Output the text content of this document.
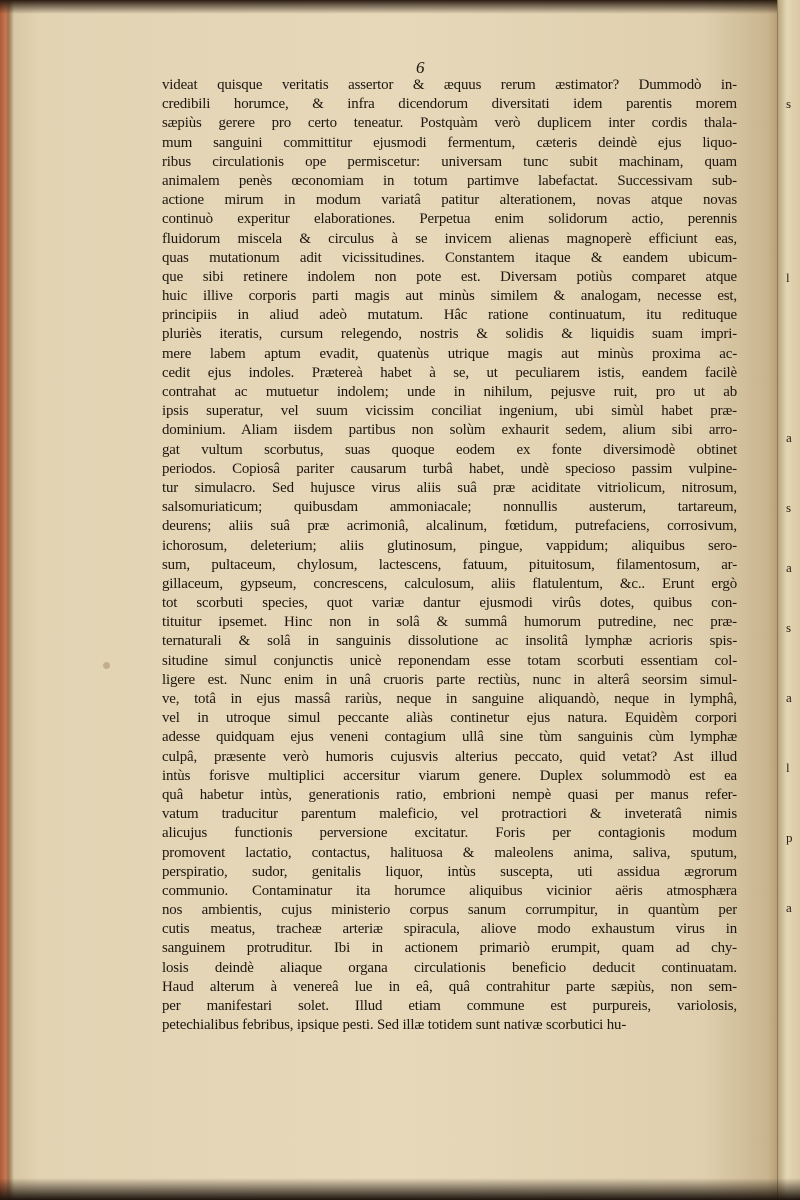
s
l
a
s
a
s
a
l
p
a
6
videat quisque veritatis assertor & æquus rerum æstimator? Dummodò in-
credibili horumce, & infra dicendorum diversitati idem parentis morem
sæpiùs gerere pro certo teneatur. Postquàm verò duplicem inter cordis thala-
mum sanguini committitur ejusmodi fermentum, cæteris deindè ejus liquo-
ribus circulationis ope permiscetur: universam tunc subit machinam, quam
animalem penès œconomiam in totum partimve labefactat. Successivam sub-
actione mirum in modum variatâ patitur alterationem, novas atque novas
continuò experitur elaborationes. Perpetua enim solidorum actio, perennis
fluidorum miscela & circulus à se invicem alienas magnoperè efficiunt eas,
quas mutationum adit vicissitudines. Constantem itaque & eandem ubicum-
que sibi retinere indolem non pote est. Diversam potiùs comparet atque
huic illive corporis parti magis aut minùs similem & analogam, necesse est,
principiis in aliud adeò mutatum. Hâc ratione continuatum, itu redituque
pluriès iteratis, cursum relegendo, nostris & solidis & liquidis suam impri-
mere labem aptum evadit, quatenùs utrique magis aut minùs proxima ac-
cedit ejus indoles. Prætereà habet à se, ut peculiarem istis, eandem facilè
contrahat ac mutuetur indolem; unde in nihilum, pejusve ruit, pro ut ab
ipsis superatur, vel suum vicissim conciliat ingenium, ubi simùl habet præ-
dominium. Aliam iisdem partibus non solùm exhaurit sedem, alium sibi arro-
gat vultum scorbutus, suas quoque eodem ex fonte diversimodè obtinet
periodos. Copiosâ pariter causarum turbâ habet, undè specioso passim vulpine-
tur simulacro. Sed hujusce virus aliis suâ præ aciditate vitriolicum, nitrosum,
salsomuriaticum; quibusdam ammoniacale; nonnullis austerum, tartareum,
deurens; aliis suâ præ acrimoniâ, alcalinum, fœtidum, putrefaciens, corrosivum,
ichorosum, deleterium; aliis glutinosum, pingue, vappidum; aliquibus sero-
sum, pultaceum, chylosum, lactescens, fatuum, pituitosum, filamentosum, ar-
gillaceum, gypseum, concrescens, calculosum, aliis flatulentum, &c.. Erunt ergò
tot scorbuti species, quot variæ dantur ejusmodi virûs dotes, quibus con-
tituitur ipsemet. Hinc non in solâ & summâ humorum putredine, nec præ-
ternaturali & solâ in sanguinis dissolutione ac insolitâ lymphæ acrioris spis-
situdine simul conjunctis unicè reponendam esse totam scorbuti essentiam col-
ligere est. Nunc enim in unâ cruoris parte rectiùs, nunc in alterâ seorsim simul-
ve, totâ in ejus massâ rariùs, neque in sanguine aliquandò, neque in lymphâ,
vel in utroque simul peccante aliàs continetur ejus natura. Equidèm corpori
adesse quidquam ejus veneni contagium ullâ sine tùm sanguinis cùm lymphæ
culpâ, præsente verò humoris cujusvis alterius peccato, quid vetat? Ast illud
intùs forisve multiplici accersitur viarum genere. Duplex solummodò est ea
quâ habetur intùs, generationis ratio, embrioni nempè quasi per manus refer-
vatum traducitur parentum maleficio, vel protractiori & inveteratâ nimis
alicujus functionis perversione excitatur. Foris per contagionis modum
promovent lactatio, contactus, halituosa & maleolens anima, saliva, sputum,
perspiratio, sudor, genitalis liquor, intùs suscepta, uti assidua ægrorum
communio. Contaminatur ita horumce aliquibus vicinior aëris atmosphæra
nos ambientis, cujus ministerio corpus sanum corrumpitur, in quantùm per
cutis meatus, tracheæ arteriæ spiracula, aliove modo exhaustum virus in
sanguinem protruditur. Ibi in actionem primariò erumpit, quam ad chy-
losis deindè aliaque organa circulationis beneficio deducit continuatam.
Haud alterum à venereâ lue in eâ, quâ contrahitur parte sæpiùs, non sem-
per manifestari solet. Illud etiam commune est purpureis, variolosis,
petechialibus febribus, ipsique pesti. Sed illæ totidem sunt nativæ scorbutici hu-
